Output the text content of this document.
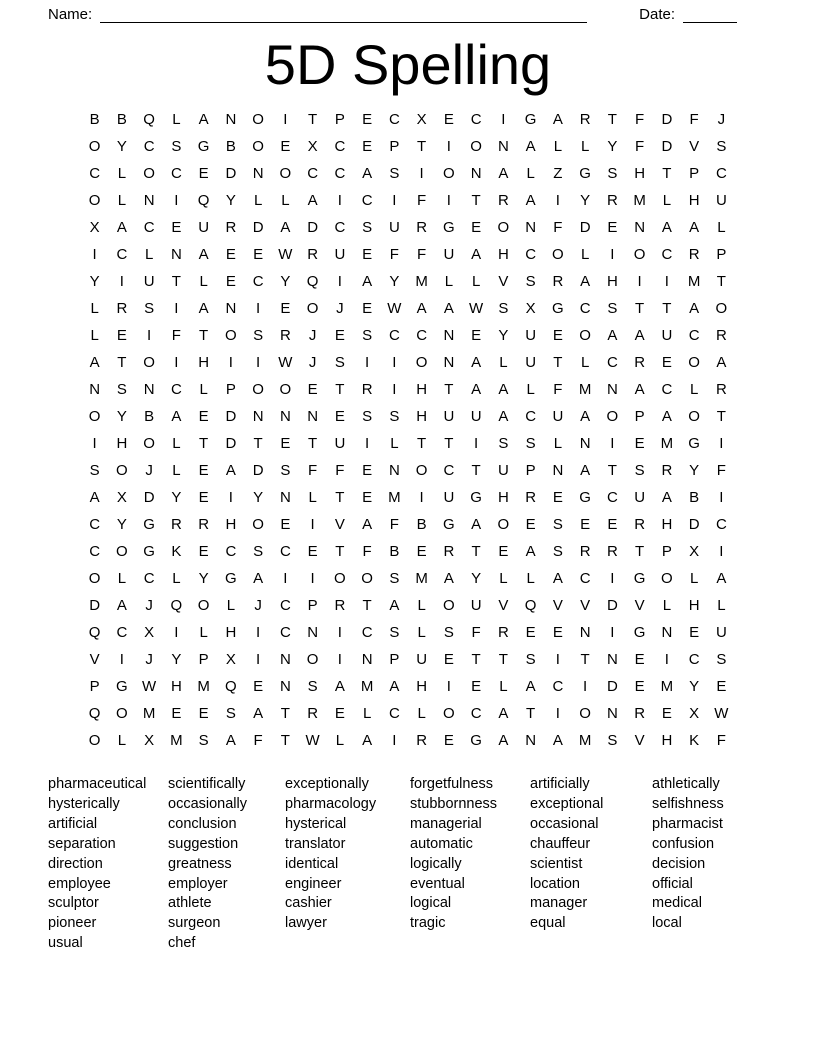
Name:	Date:
5D Spelling
B	B	Q	L	A	N	O	I	T	P	E	C	X	E	C	I	G	A	R	T	F	D	F	J
O	Y	C	S	G	B	O	E	X	C	E	P	T	I	O	N	A	L	L	Y	F	D	V	S
C	L	O	C	E	D	N	O	C	C	A	S	I	O	N	A	L	Z	G	S	H	T	P	C
O	L	N	I	Q	Y	L	L	A	I	C	I	F	I	T	R	A	I	Y	R	M	L	H	U
X	A	C	E	U	R	D	A	D	C	S	U	R	G	E	O	N	F	D	E	N	A	A	L
I	C	L	N	A	E	E	W R	U	E	F	F	U	A	H	C	O	L	I	O	C	R	P
Y	I	U	T	L	E	C	Y	Q	I	A	Y	M	L	L	V	S	R	A	H	I	I	M	T
L	R	S	I	A	N	I	E	O	J	E	W	A	A	W	S	X	G	C	S	T	T	A	O
L	E	I	F	T	O	S	R	J	E	S	C	C	N	E	Y	U	E	O	A	A	U	C	R
A	T	O	I	H	I	I	W	J	S	I	I	O	N	A	L	U	T	L	C	R	E	O	A
N	S	N	C	L	P	O	O	E	T	R	I	H	T	A	A	L	F	M	N	A	C	L	R
O	Y	B	A	E	D	N	N	N	E	S	S	H	U	U	A	C	U	A	O	P	A	O	T
I	H	O	L	T	D	T	E	T	U	I	L	T	T	I	S	S	L	N	I	E	M	G	I
S	O	J	L	E	A	D	S	F	F	E	N	O	C	T	U	P	N	A	T	S	R	Y	F
A	X	D	Y	E	I	Y	N	L	T	E	M	I	U	G	H	R	E	G	C	U	A	B	I
C	Y	G	R	R	H	O	E	I	V	A	F	B	G	A	O	E	S	E	E	R	H	D	C
C	O	G	K	E	C	S	C	E	T	F	B	E	R	T	E	A	S	R	R	T	P	X	I
O	L	C	L	Y	G	A	I	I	O	O	S	M	A	Y	L	L	A	C	I	G	O	L	A
D	A	J	Q	O	L	J	C	P	R	T	A	L	O	U	V	Q	V	V	D	V	L	H	L
Q	C	X	I	L	H	I	C	N	I	C	S	L	S	F	R	E	E	N	I	G	N	E	U
V	I	J	Y	P	X	I	N	O	I	N	P	U	E	T	T	S	I	T	N	E	I	C	S
P	G W H	M	Q	E	N	S	A	M	A	H	I	E	L	A	C	I	D	E	M	Y	E
Q	O	M	E	E	S	A	T	R	E	L	C	L	O	C	A	T	I	O	N	R	E	X	W
O	L	X	M	S	A	F	T	W	L	A	I	R	E	G	A	N	A	M	S	V	H	K	F
pharmaceutical
hysterically
artificial
separation
direction
employee
sculptor
pioneer
usual
scientifically
occasionally
conclusion
suggestion
greatness
employer
athlete
surgeon
chef
exceptionally
pharmacology
hysterical
translator
identical
engineer
cashier
lawyer
forgetfulness
stubbornness
managerial
automatic
logically
eventual
logical
tragic
artificially
exceptional
occasional
chauffeur
scientist
location
manager
equal
athletically
selfishness
pharmacist
confusion
decision
official
medical
local
